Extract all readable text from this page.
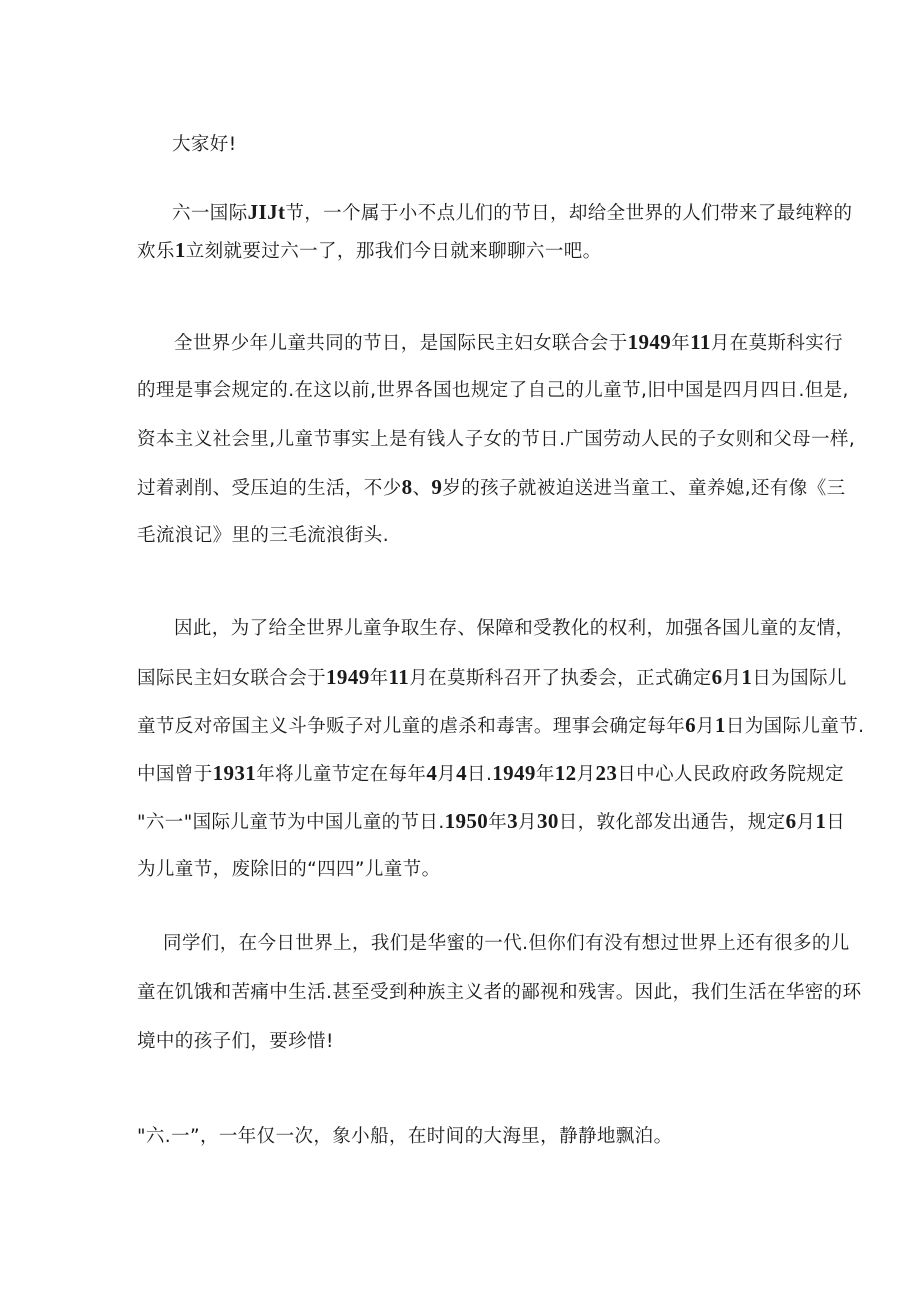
大家好!
六一国际JIJt节，一个属于小不点儿们的节日，却给全世界的人们带来了最纯粹的
欢乐1立刻就要过六一了，那我们今日就来聊聊六一吧。
全世界少年儿童共同的节日，是国际民主妇女联合会于1949年11月在莫斯科实行
的理是事会规定的.在这以前,世界各国也规定了自己的儿童节,旧中国是四月四日.但是,
资本主义社会里,儿童节事实上是有钱人子女的节日.广国劳动人民的子女则和父母一样,
过着剥削、受压迫的生活，不少8、9岁的孩子就被迫送进当童工、童养媳,还有像《三
毛流浪记》里的三毛流浪街头.
因此，为了给全世界儿童争取生存、保障和受教化的权利，加强各国儿童的友情，
国际民主妇女联合会于1949年11月在莫斯科召开了执委会，正式确定6月1日为国际儿
童节反对帝国主义斗争贩子对儿童的虐杀和毒害。理事会确定每年6月1日为国际儿童节.
中国曾于1931年将儿童节定在每年4月4日.1949年12月23日中心人民政府政务院规定
"六一"国际儿童节为中国儿童的节日.1950年3月30日，敦化部发出通告，规定6月1日
为儿童节，废除旧的“四四”儿童节。
同学们，在今日世界上，我们是华蜜的一代.但你们有没有想过世界上还有很多的儿
童在饥饿和苦痛中生活.甚至受到种族主义者的鄙视和残害。因此，我们生活在华密的环
境中的孩子们，要珍惜!
"六.一”，一年仅一次，象小船，在时间的大海里，静静地飘泊。
